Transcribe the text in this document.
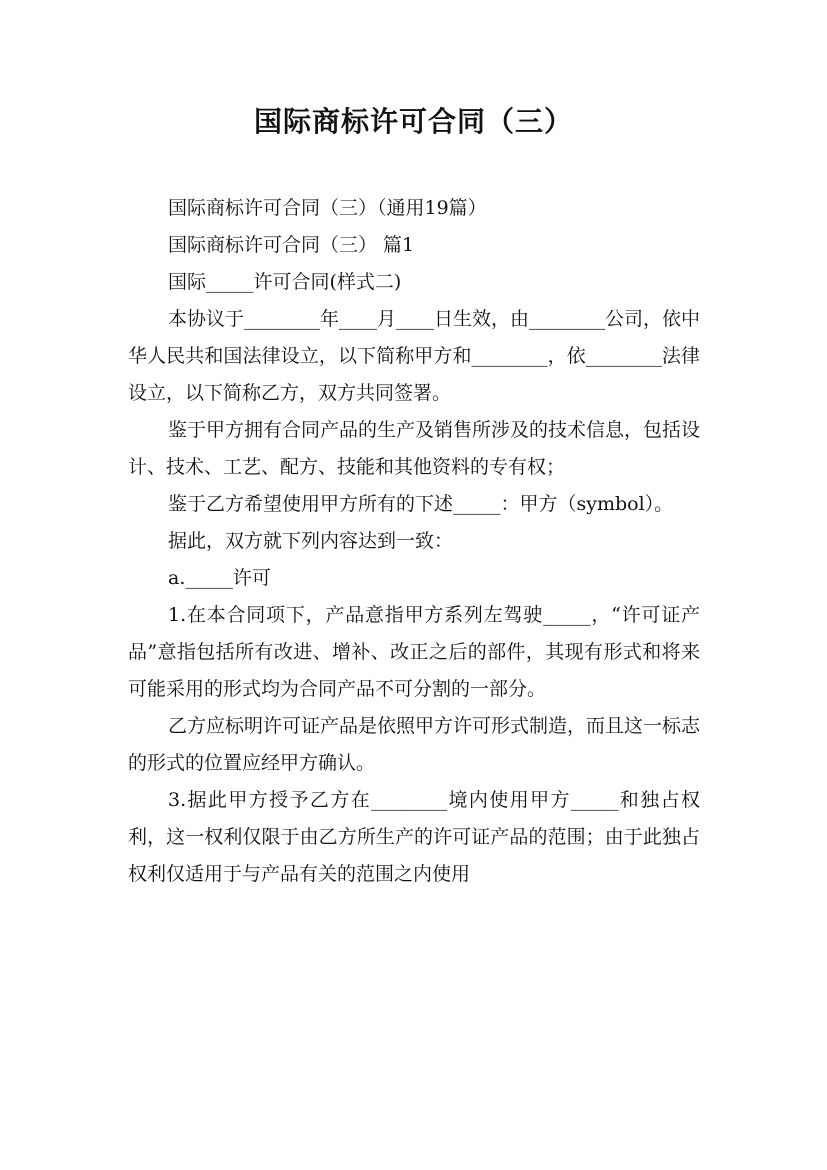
国际商标许可合同（三）
国际商标许可合同（三）（通用19篇）
国际商标许可合同（三） 篇1
国际_____许可合同(样式二)
本协议于________年____月____日生效，由________公司，依中华人民共和国法律设立，以下简称甲方和________，依________法律设立，以下简称乙方，双方共同签署。
鉴于甲方拥有合同产品的生产及销售所涉及的技术信息，包括设计、技术、工艺、配方、技能和其他资料的专有权；
鉴于乙方希望使用甲方所有的下述_____：甲方（symbol）。
据此，双方就下列内容达到一致：
a._____许可
1.在本合同项下，产品意指甲方系列左驾驶_____，“许可证产品”意指包括所有改进、增补、改正之后的部件，其现有形式和将来可能采用的形式均为合同产品不可分割的一部分。
乙方应标明许可证产品是依照甲方许可形式制造，而且这一标志的形式的位置应经甲方确认。
3.据此甲方授予乙方在________境内使用甲方_____和独占权利，这一权利仅限于由乙方所生产的许可证产品的范围；由于此独占权利仅适用于与产品有关的范围之内使用
